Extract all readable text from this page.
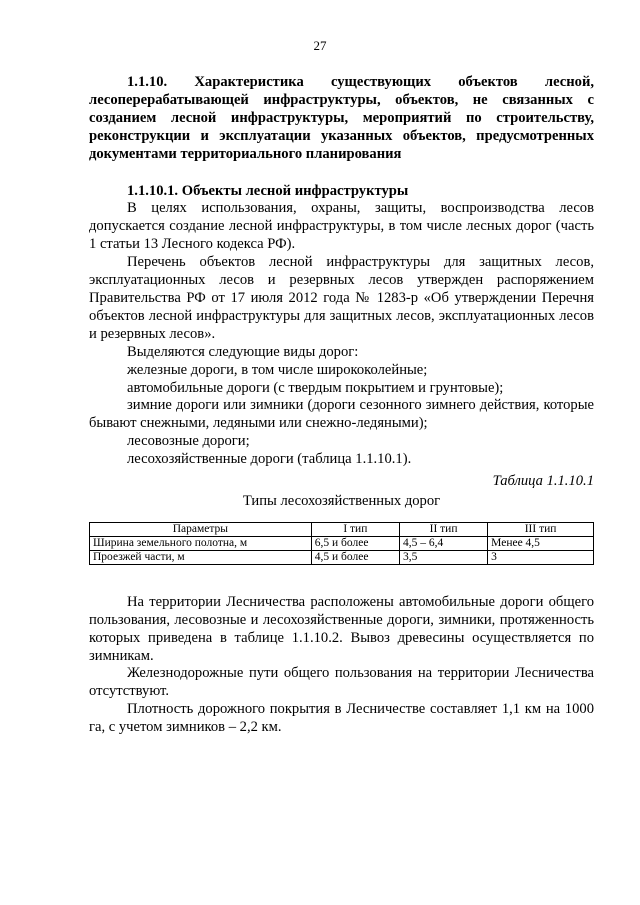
27

1.1.10. Характеристика существующих объектов лесной, лесоперерабатывающей инфраструктуры, объектов, не связанных с созданием лесной инфраструктуры, мероприятий по строительству, реконструкции и эксплуатации указанных объектов, предусмотренных документами территориального планирования

1.1.10.1. Объекты лесной инфраструктуры

В целях использования, охраны, защиты, воспроизводства лесов допускается создание лесной инфраструктуры, в том числе лесных дорог (часть 1 статьи 13 Лесного кодекса РФ).

Перечень объектов лесной инфраструктуры для защитных лесов, эксплуатационных лесов и резервных лесов утвержден распоряжением Правительства РФ от 17 июля 2012 года № 1283-р «Об утверждении Перечня объектов лесной инфраструктуры для защитных лесов, эксплуатационных лесов и резервных лесов».

Выделяются следующие виды дорог:

железные дороги, в том числе ширококолейные;

автомобильные дороги (с твердым покрытием и грунтовые);

зимние дороги или зимники (дороги сезонного зимнего действия, которые бывают снежными, ледяными или снежно-ледяными);

лесовозные дороги;

лесохозяйственные дороги (таблица 1.1.10.1).

Таблица 1.1.10.1

Типы лесохозяйственных дорог

Параметры	I тип	II тип	III тип
Ширина земельного полотна, м	6,5 и более	4,5 – 6,4	Менее 4,5
Проезжей части, м	4,5 и более	3,5	3

На территории Лесничества расположены автомобильные дороги общего пользования, лесовозные и лесохозяйственные дороги, зимники, протяженность которых приведена в таблице 1.1.10.2. Вывоз древесины осуществляется по зимникам.

Железнодорожные пути общего пользования на территории Лесничества отсутствуют.

Плотность дорожного покрытия в Лесничестве составляет 1,1 км на 1000 га, с учетом зимников – 2,2 км.
